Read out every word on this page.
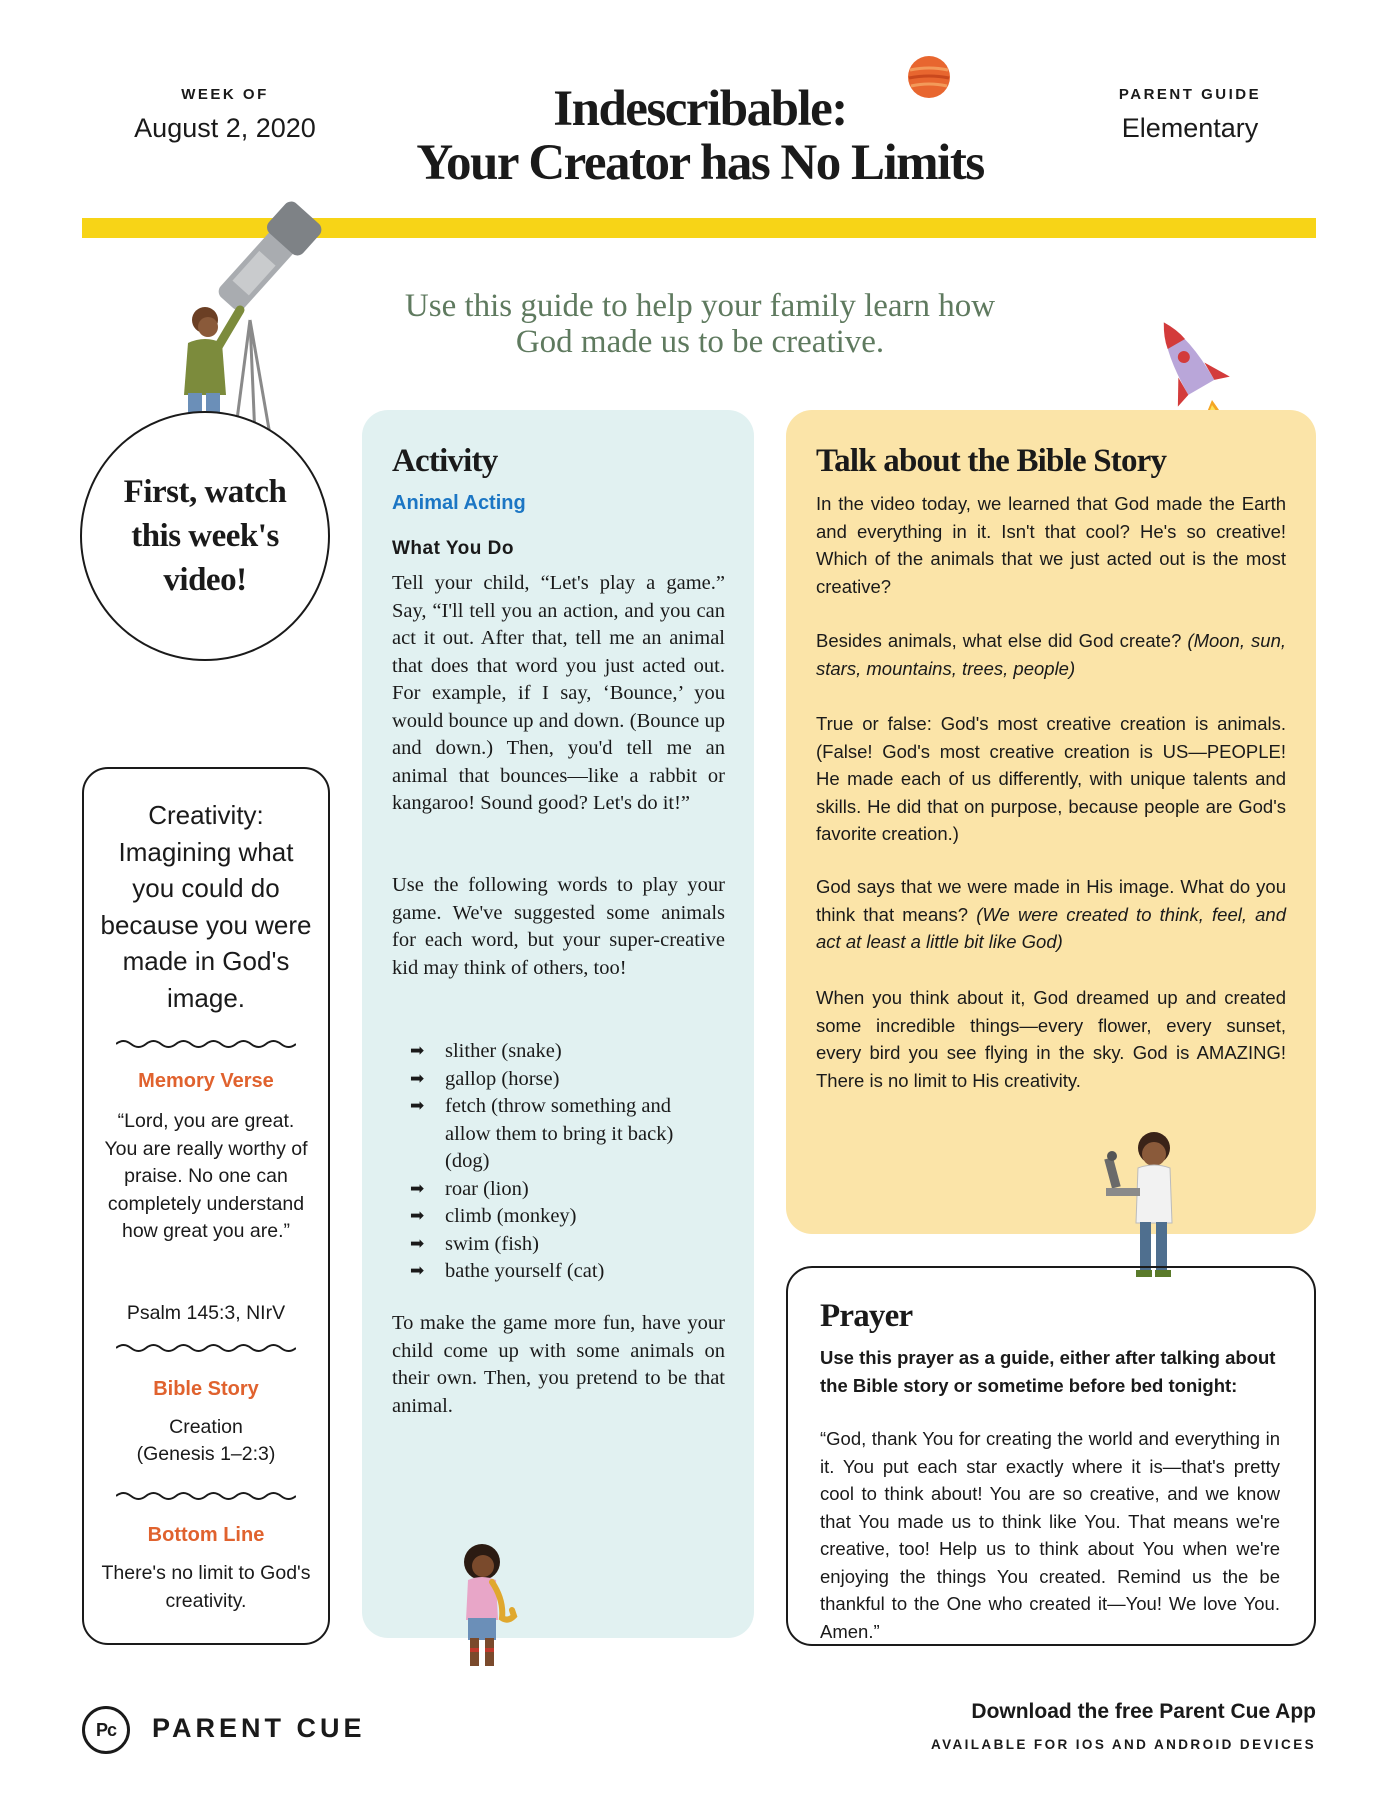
WEEK OF
August 2, 2020	Indescribable:
Your Creator has No Limits
PARENT GUIDE
Elementary
Use this guide to help your family learn how
God made us to be creative.
First, watch this week's video!
Creativity: Imagining what you could do because you were made in God's image.
Memory Verse
“Lord, you are great. You are really worthy of praise. No one can completely understand how great you are.”
Psalm 145:3, NIrV
Bible Story
Creation
(Genesis 1–2:3)
Bottom Line
There's no limit to God's creativity.
Activity
Animal Acting
What You Do
Tell your child, “Let's play a game.” Say, “I'll tell you an action, and you can act it out. After that, tell me an animal that does that word you just acted out. For example, if I say, ‘Bounce,’ you would bounce up and down. (Bounce up and down.) Then, you'd tell me an animal that bounces—like a rabbit or kangaroo! Sound good? Let's do it!”
Use the following words to play your game. We've suggested some animals for each word, but your super-creative kid may think of others, too!
➡ slither (snake)
➡ gallop (horse)
➡ fetch (throw something and allow them to bring it back) (dog)
➡ roar (lion)
➡ climb (monkey)
➡ swim (fish)
➡ bathe yourself (cat)
To make the game more fun, have your child come up with some animals on their own. Then, you pretend to be that animal.
Talk about the Bible Story
In the video today, we learned that God made the Earth and everything in it. Isn't that cool? He's so creative! Which of the animals that we just acted out is the most creative?
Besides animals, what else did God create? (Moon, sun, stars, mountains, trees, people)
True or false: God's most creative creation is animals. (False! God's most creative creation is US—PEOPLE! He made each of us differently, with unique talents and skills. He did that on purpose, because people are God's favorite creation.)
God says that we were made in His image. What do you think that means? (We were created to think, feel, and act at least a little bit like God)
When you think about it, God dreamed up and created some incredible things—every flower, every sunset, every bird you see flying in the sky. God is AMAZING! There is no limit to His creativity.
Prayer
Use this prayer as a guide, either after talking about the Bible story or sometime before bed tonight:
“God, thank You for creating the world and everything in it. You put each star exactly where it is—that's pretty cool to think about! You are so creative, and we know that You made us to think like You. That means we're creative, too! Help us to think about You when we're enjoying the things You created. Remind us the be thankful to the One who created it—You! We love You. Amen.”
Pc PARENT CUE
Download the free Parent Cue App
AVAILABLE FOR IOS AND ANDROID DEVICES
